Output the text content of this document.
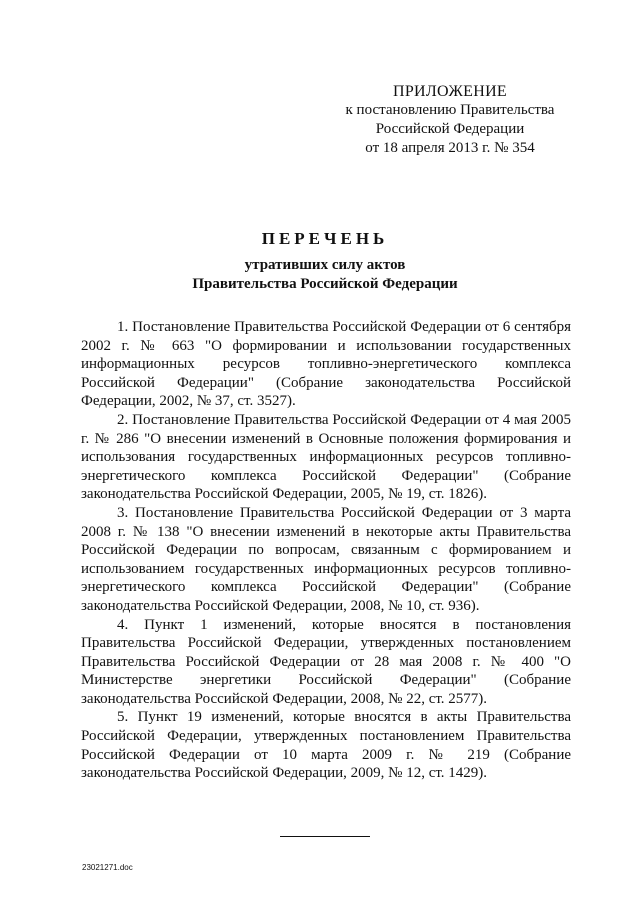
ПРИЛОЖЕНИЕ
к постановлению Правительства
Российской Федерации
от 18 апреля 2013 г. № 354
ПЕРЕЧЕНЬ
утративших силу актов
Правительства Российской Федерации

1. Постановление Правительства Российской Федерации от 6 сентября 2002 г. № 663 "О формировании и использовании государственных информационных ресурсов топливно-энергетического комплекса Российской Федерации" (Собрание законодательства Российской Федерации, 2002, № 37, ст. 3527).

2. Постановление Правительства Российской Федерации от 4 мая 2005 г. № 286 "О внесении изменений в Основные положения формирования и использования государственных информационных ресурсов топливно-энергетического комплекса Российской Федерации" (Собрание законодательства Российской Федерации, 2005, № 19, ст. 1826).

3. Постановление Правительства Российской Федерации от 3 марта 2008 г. № 138 "О внесении изменений в некоторые акты Правительства Российской Федерации по вопросам, связанным с формированием и использованием государственных информационных ресурсов топливно-энергетического комплекса Российской Федерации" (Собрание законодательства Российской Федерации, 2008, № 10, ст. 936).

4. Пункт 1 изменений, которые вносятся в постановления Правительства Российской Федерации, утвержденных постановлением Правительства Российской Федерации от 28 мая 2008 г. № 400 "О Министерстве энергетики Российской Федерации" (Собрание законодательства Российской Федерации, 2008, № 22, ст. 2577).

5. Пункт 19 изменений, которые вносятся в акты Правительства Российской Федерации, утвержденных постановлением Правительства Российской Федерации от 10 марта 2009 г. № 219 (Собрание законодательства Российской Федерации, 2009, № 12, ст. 1429).

23021271.doc
